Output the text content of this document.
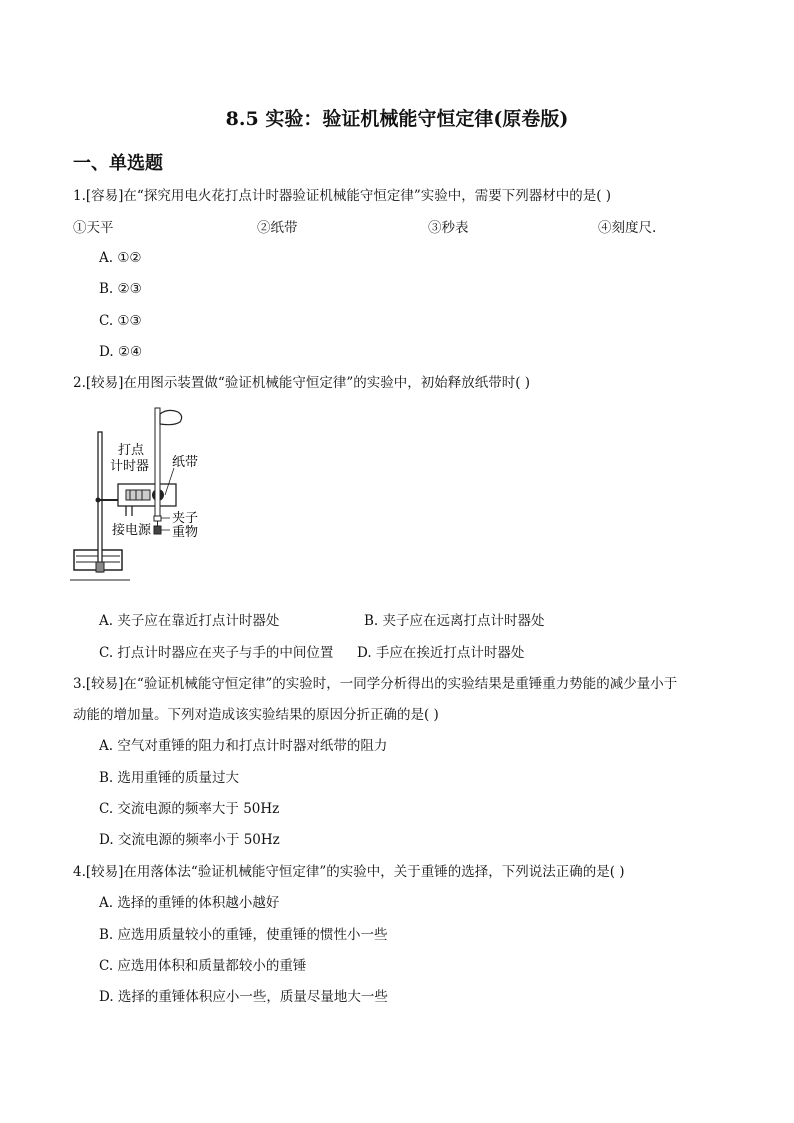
8.5 实验：验证机械能守恒定律(原卷版)
一、单选题
1.[容易]在“探究用电火花打点计时器验证机械能守恒定律”实验中，需要下列器材中的是( )
①天平	②纸带	③秒表	④刻度尺.
A. ①②
B. ②③
C. ①③
D. ②④
2.[较易]在用图示装置做“验证机械能守恒定律”的实验中，初始释放纸带时( )
打点
计时器 纸带
夹子
接电源 重物
A. 夹子应在靠近打点计时器处	B. 夹子应在远离打点计时器处
C. 打点计时器应在夹子与手的中间位置 D. 手应在挨近打点计时器处
3.[较易]在“验证机械能守恒定律”的实验时，一同学分析得出的实验结果是重锤重力势能的减少量小于
动能的增加量。下列对造成该实验结果的原因分折正确的是( )
A. 空气对重锤的阻力和打点计时器对纸带的阻力
B. 选用重锤的质量过大
C. 交流电源的频率大于 50Hz
D. 交流电源的频率小于 50Hz
4.[较易]在用落体法“验证机械能守恒定律”的实验中，关于重锤的选择，下列说法正确的是( )
A. 选择的重锤的体积越小越好
B. 应选用质量较小的重锤，使重锤的惯性小一些
C. 应选用体积和质量都较小的重锤
D. 选择的重锤体积应小一些，质量尽量地大一些
